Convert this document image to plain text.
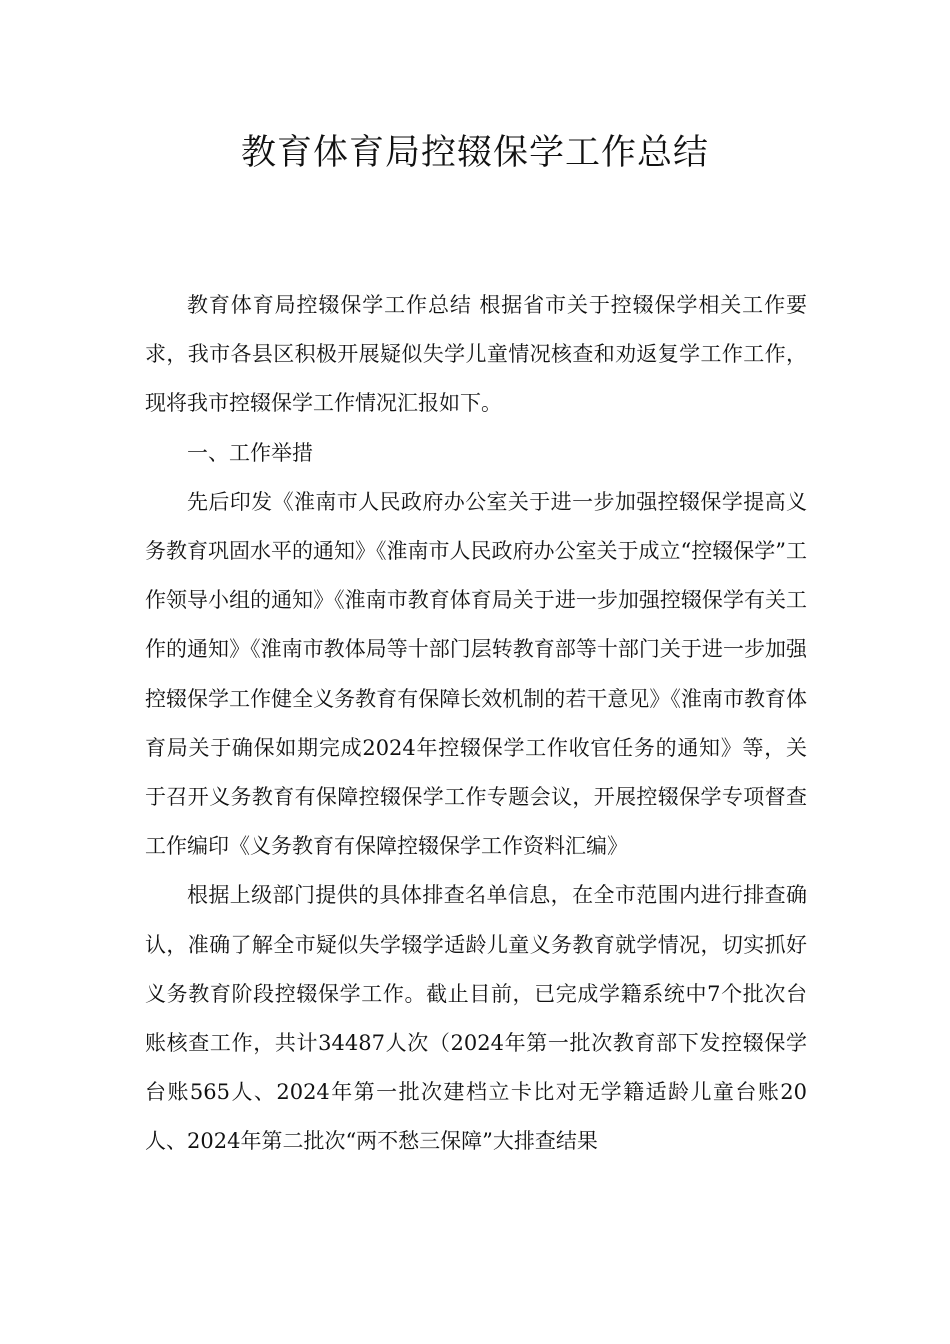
教育体育局控辍保学工作总结

教育体育局控辍保学工作总结 根据省市关于控辍保学相关工作要求，我市各县区积极开展疑似失学儿童情况核查和劝返复学工作工作，现将我市控辍保学工作情况汇报如下。

一、工作举措

先后印发《淮南市人民政府办公室关于进一步加强控辍保学提高义务教育巩固水平的通知》《淮南市人民政府办公室关于成立“控辍保学”工作领导小组的通知》《淮南市教育体育局关于进一步加强控辍保学有关工作的通知》《淮南市教体局等十部门层转教育部等十部门关于进一步加强控辍保学工作健全义务教育有保障长效机制的若干意见》《淮南市教育体育局关于确保如期完成2024年控辍保学工作收官任务的通知》等，关于召开义务教育有保障控辍保学工作专题会议，开展控辍保学专项督查工作编印《义务教育有保障控辍保学工作资料汇编》

根据上级部门提供的具体排查名单信息，在全市范围内进行排查确认，准确了解全市疑似失学辍学适龄儿童义务教育就学情况，切实抓好义务教育阶段控辍保学工作。截止目前，已完成学籍系统中7个批次台账核查工作，共计34487人次（2024年第一批次教育部下发控辍保学台账565人、2024年第一批次建档立卡比对无学籍适龄儿童台账20人、2024年第二批次“两不愁三保障”大排查结果
